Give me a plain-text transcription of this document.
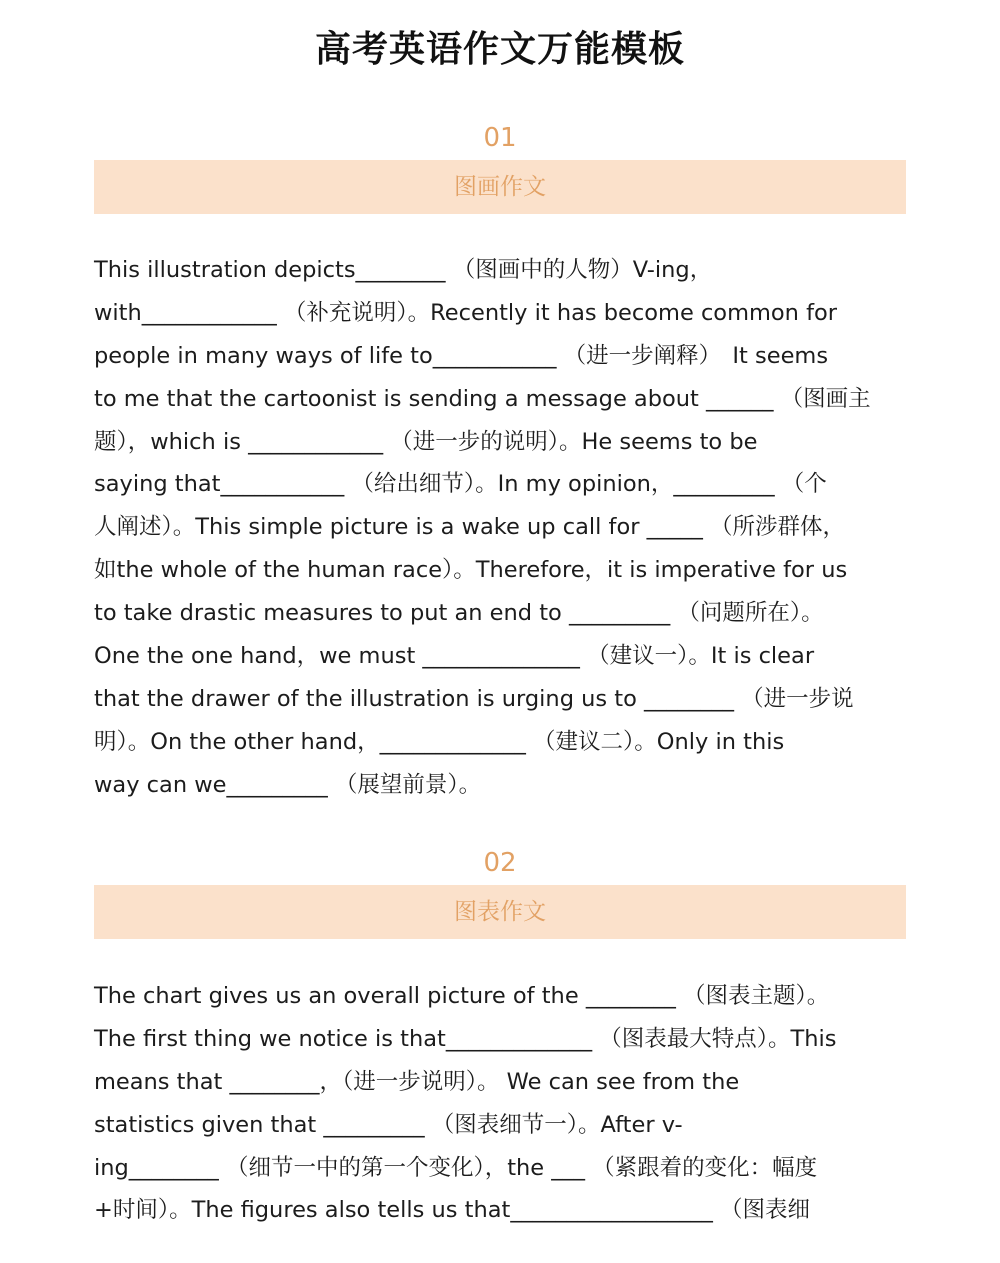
高考英语作文万能模板
01
图画作文
This illustration depicts________ （图画中的人物）V-ing，
with____________ （补充说明）。Recently it has become common for
people in many ways of life to___________ （进一步阐释）　It seems
to me that the cartoonist is sending a message about ______ （图画主
题），which is ____________ （进一步的说明）。He seems to be
saying that___________ （给出细节）。In my opinion，_________ （个
人阐述）。This simple picture is a wake up call for _____ （所涉群体，
如the whole of the human race）。Therefore，it is imperative for us
to take drastic measures to put an end to _________ （问题所在）。
One the one hand，we must ______________ （建议一）。It is clear
that the drawer of the illustration is urging us to ________ （进一步说
明）。On the other hand，_____________ （建议二）。Only in this
way can we_________ （展望前景）。
02
图表作文
The chart gives us an overall picture of the ________ （图表主题）。
The first thing we notice is that_____________ （图表最大特点）。This
means that ________，（进一步说明）。 We can see from the
statistics given that _________ （图表细节一）。After v-
ing________ （细节一中的第一个变化），the ___ （紧跟着的变化：幅度
+时间）。The figures also tells us that__________________ （图表细
